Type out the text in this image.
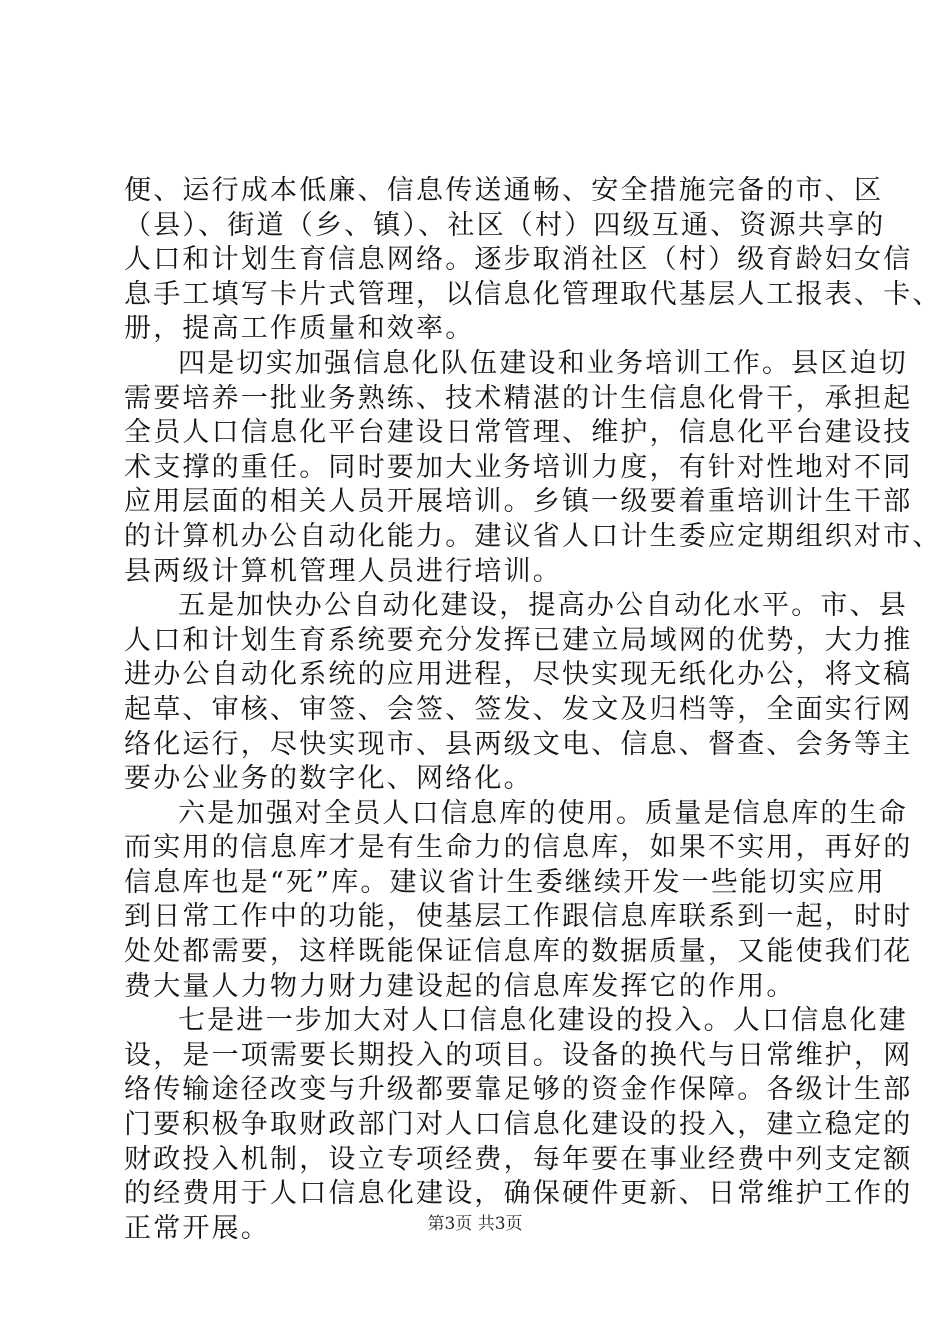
便、运行成本低廉、信息传送通畅、安全措施完备的市、区
（县）、街道（乡、镇）、社区（村）四级互通、资源共享的
人口和计划生育信息网络。逐步取消社区（村）级育龄妇女信
息手工填写卡片式管理，以信息化管理取代基层人工报表、卡、
册，提高工作质量和效率。
四是切实加强信息化队伍建设和业务培训工作。县区迫切
需要培养一批业务熟练、技术精湛的计生信息化骨干，承担起
全员人口信息化平台建设日常管理、维护，信息化平台建设技
术支撑的重任。同时要加大业务培训力度，有针对性地对不同
应用层面的相关人员开展培训。乡镇一级要着重培训计生干部
的计算机办公自动化能力。建议省人口计生委应定期组织对市、
县两级计算机管理人员进行培训。
五是加快办公自动化建设，提高办公自动化水平。市、县
人口和计划生育系统要充分发挥已建立局域网的优势，大力推
进办公自动化系统的应用进程，尽快实现无纸化办公，将文稿
起草、审核、审签、会签、签发、发文及归档等，全面实行网
络化运行，尽快实现市、县两级文电、信息、督查、会务等主
要办公业务的数字化、网络化。
六是加强对全员人口信息库的使用。质量是信息库的生命
而实用的信息库才是有生命力的信息库，如果不实用，再好的
信息库也是“死”库。建议省计生委继续开发一些能切实应用
到日常工作中的功能，使基层工作跟信息库联系到一起，时时
处处都需要，这样既能保证信息库的数据质量，又能使我们花
费大量人力物力财力建设起的信息库发挥它的作用。
七是进一步加大对人口信息化建设的投入。人口信息化建
设，是一项需要长期投入的项目。设备的换代与日常维护，网
络传输途径改变与升级都要靠足够的资金作保障。各级计生部
门要积极争取财政部门对人口信息化建设的投入，建立稳定的
财政投入机制，设立专项经费，每年要在事业经费中列支定额
的经费用于人口信息化建设，确保硬件更新、日常维护工作的
正常开展。	第3页 共3页
